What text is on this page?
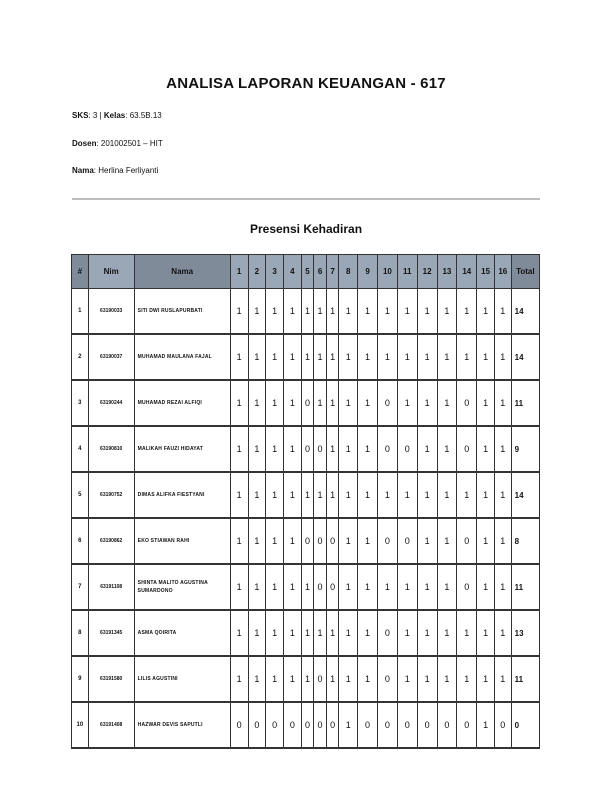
ANALISA LAPORAN KEUANGAN - 617
SKS: 3 | Kelas: 63.5B.13
Dosen: 201002501 – HIT
Nama: Herlina Ferliyanti
Presensi Kehadiran
#	Nim	Nama	1	2	3	4	5	6	7	8	9	10	11	12	13	14	15	16	Total
1	63190033	SITI DWI RUSLAPURBATI	1	1	1	1	1	1	1	1	1	1	1	1	1	1	1	1	14
2	63190037	MUHAMAD MAULANA FAJAL	1	1	1	1	1	1	1	1	1	1	1	1	1	1	1	1	14
3	63190244	MUHAMAD REZAI ALFIQI	1	1	1	1	0	1	1	1	1	0	1	1	1	0	1	1	11
4	63190810	MALIKAH FAUZI HIDAYAT	1	1	1	1	0	0	1	1	1	0	0	1	1	0	1	1	9
5	63190752	DIMAS ALIFKA FIESTYANI	1	1	1	1	1	1	1	1	1	1	1	1	1	1	1	1	14
6	63190862	EKO STIAWAN RAHI	1	1	1	1	0	0	0	1	1	0	0	1	1	0	1	1	8
7	63191108	SHINTA MALITO AGUSTINA SUMARDONO	1	1	1	1	1	0	0	1	1	1	1	1	1	0	1	1	11
8	63191345	ASMA QOIRITA	1	1	1	1	1	1	1	1	1	0	1	1	1	1	1	1	13
9	63191580	LILIS AGUSTINI	1	1	1	1	1	0	1	1	1	0	1	1	1	1	1	1	11
10	63191408	HAZWAR DEVIS SAPUTLI	0	0	0	0	0	0	0	1	0	0	0	0	0	0	1	0	0
